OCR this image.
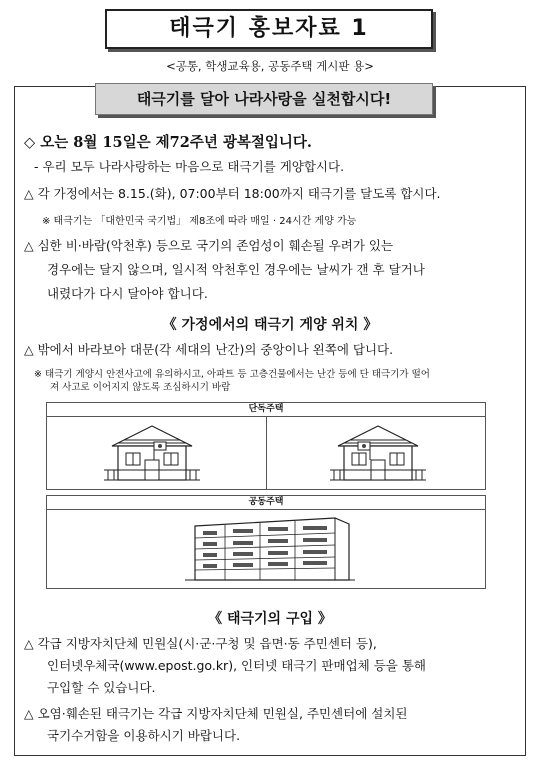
태극기 홍보자료 1
<공통, 학생교육용, 공동주택 게시판 용>
태극기를 달아 나라사랑을 실천합시다!
◇ 오는 8월 15일은 제72주년 광복절입니다.
- 우리 모두 나라사랑하는 마음으로 태극기를 게양합시다.
△ 각 가정에서는 8.15.(화), 07:00부터 18:00까지 태극기를 달도록 합시다.
※ 태극기는 「대한민국 국기법」 제8조에 따라 매일 · 24시간 게양 가능
△ 심한 비·바람(악천후) 등으로 국기의 존엄성이 훼손될 우려가 있는
경우에는 달지 않으며, 일시적 악천후인 경우에는 날씨가 갠 후 달거나
내렸다가 다시 달아야 합니다.
《 가정에서의 태극기 게양 위치 》
△ 밖에서 바라보아 대문(각 세대의 난간)의 중앙이나 왼쪽에 답니다.
※ 태극기 게양시 안전사고에 유의하시고, 아파트 등 고층건물에서는 난간 등에 단 태극기가 떨어
져 사고로 이어지지 않도록 조심하시기 바람
단독주택
공동주택
《 태극기의 구입 》
△ 각급 지방자치단체 민원실(시·군·구청 및 읍면·동 주민센터 등),
인터넷우체국(www.epost.go.kr), 인터넷 태극기 판매업체 등을 통해
구입할 수 있습니다.
△ 오염·훼손된 태극기는 각급 지방자치단체 민원실, 주민센터에 설치된
국기수거함을 이용하시기 바랍니다.
